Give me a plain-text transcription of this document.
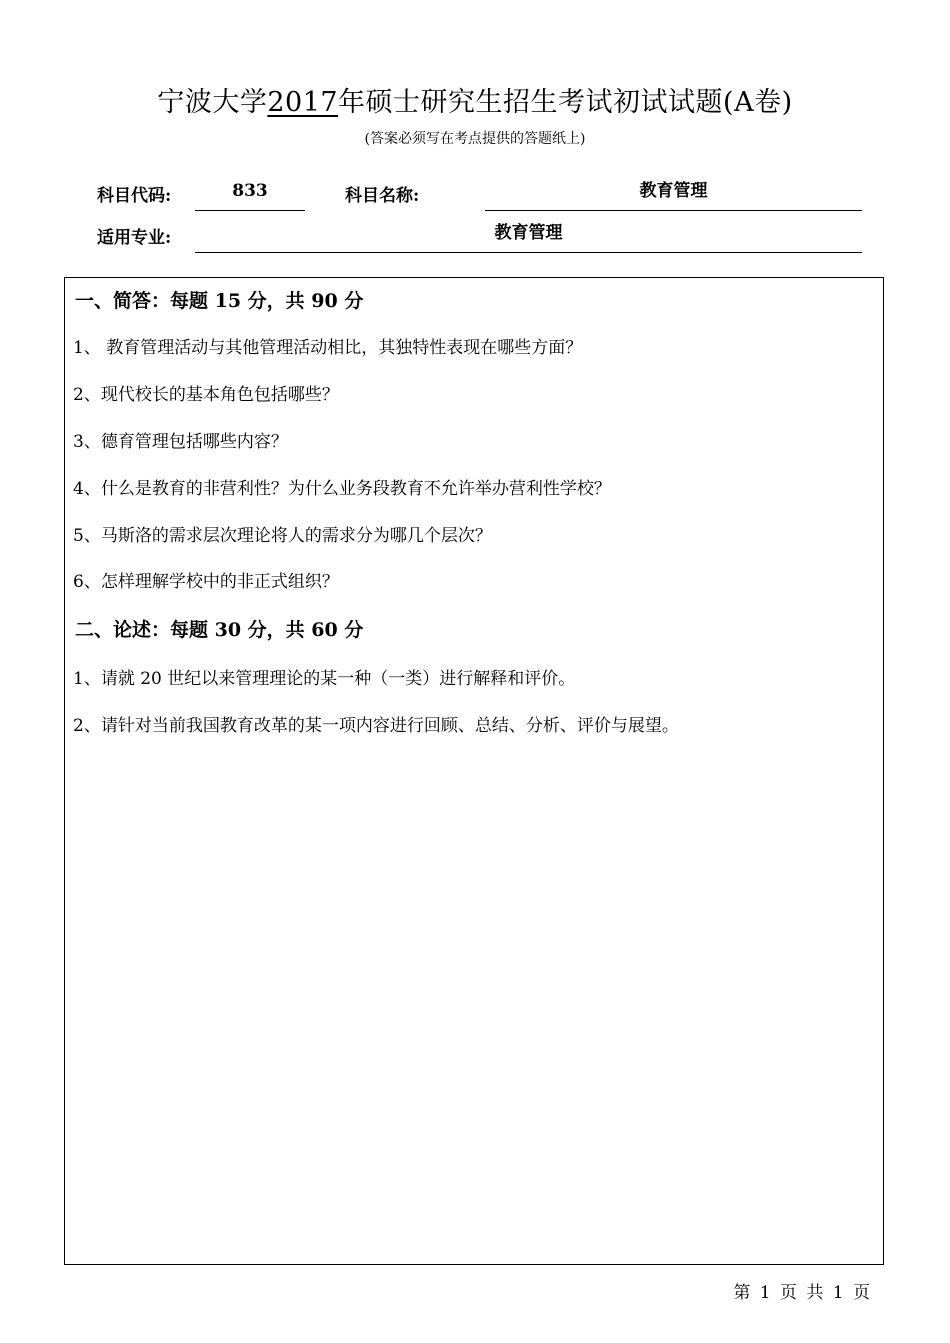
宁波大学2017年硕士研究生招生考试初试试题(A卷)
(答案必须写在考点提供的答题纸上)
科目代码:	833	科目名称:	教育管理
适用专业:	教育管理
一、简答：每题 15 分，共 90 分
1、 教育管理活动与其他管理活动相比，其独特性表现在哪些方面？
2、现代校长的基本角色包括哪些？
3、德育管理包括哪些内容？
4、什么是教育的非营利性？为什么业务段教育不允许举办营利性学校？
5、马斯洛的需求层次理论将人的需求分为哪几个层次？
6、怎样理解学校中的非正式组织？
二、论述：每题 30 分，共 60 分
1、请就 20 世纪以来管理理论的某一种（一类）进行解释和评价。
2、请针对当前我国教育改革的某一项内容进行回顾、总结、分析、评价与展望。
第 1 页 共 1 页
